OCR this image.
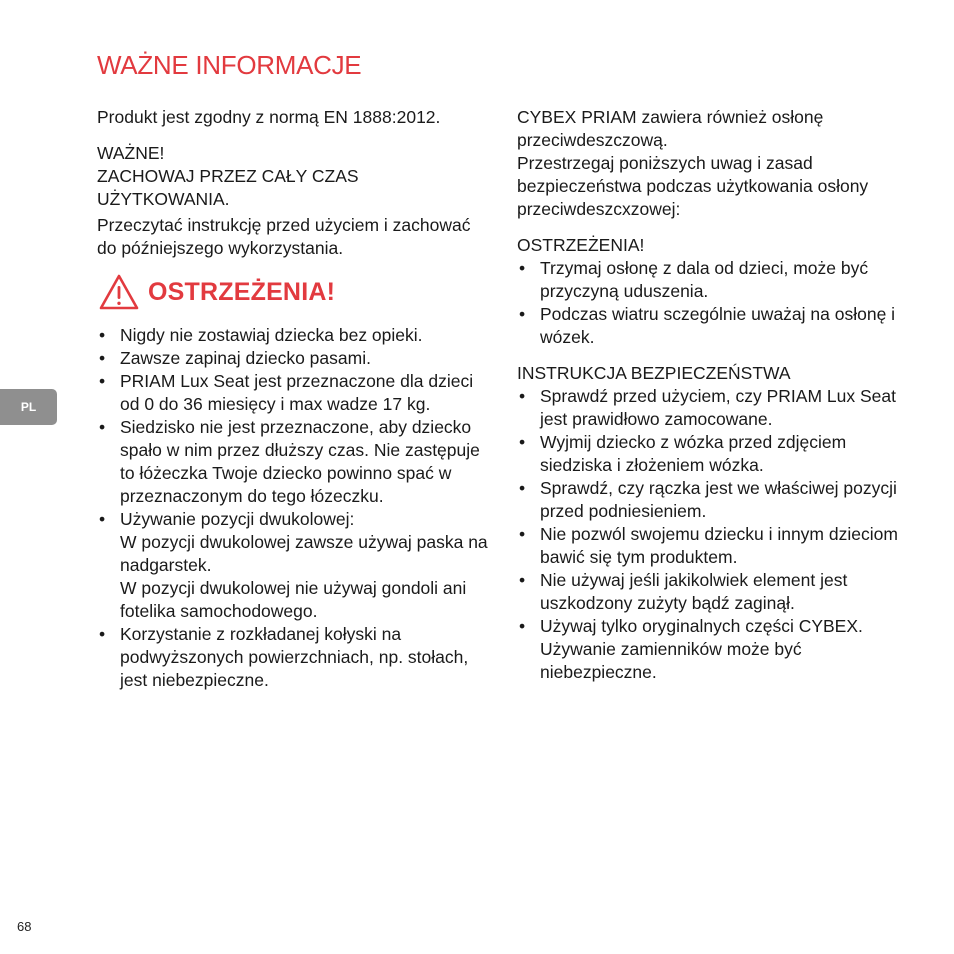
WAŻNE INFORMACJE

Produkt jest zgodny z normą EN 1888:2012.

WAŻNE!

ZACHOWAJ PRZEZ CAŁY CZAS UŻYTKOWANIA.

Przeczytać instrukcję przed użyciem i zachować do późniejszego wykorzystania.

OSTRZEŻENIA!
• Nigdy nie zostawiaj dziecka bez opieki.
• Zawsze zapinaj dziecko pasami.
• PRIAM Lux Seat jest przeznaczone dla dzieci od 0 do 36 miesięcy i max wadze 17 kg.
• Siedzisko nie jest przeznaczone, aby dziecko spało w nim przez dłuższy czas. Nie zastępuje to łóżeczka Twoje dziecko powinno spać w przeznaczonym do tego łózeczku.
• Używanie pozycji dwukolowej:
W pozycji dwukolowej zawsze używaj paska na nadgarstek.
W pozycji dwukolowej nie używaj gondoli ani fotelika samochodowego.
• Korzystanie z rozkładanej kołyski na podwyższonych powierzchniach, np. stołach, jest niebezpieczne.

CYBEX PRIAM zawiera również osłonę przeciwdeszczową.

Przestrzegaj poniższych uwag i zasad bezpieczeństwa podczas użytkowania osłony przeciwdeszcxzowej:

OSTRZEŻENIA!

• Trzymaj osłonę z dala od dzieci, może być przyczyną uduszenia.
• Podczas wiatru sczególnie uważaj na osłonę i wózek.

INSTRUKCJA BEZPIECZEŃSTWA

• Sprawdź przed użyciem, czy PRIAM Lux Seat jest prawidłowo zamocowane.
• Wyjmij dziecko z wózka przed zdjęciem siedziska i złożeniem wózka.
• Sprawdź, czy rączka jest we właściwej pozycji przed podniesieniem.
• Nie pozwól swojemu dziecku i innym dzieciom bawić się tym produktem.
• Nie używaj jeśli jakikolwiek element jest uszkodzony zużyty bądź zaginął.
• Używaj tylko oryginalnych części CYBEX. Używanie zamienników może być niebezpieczne.
PL
68
